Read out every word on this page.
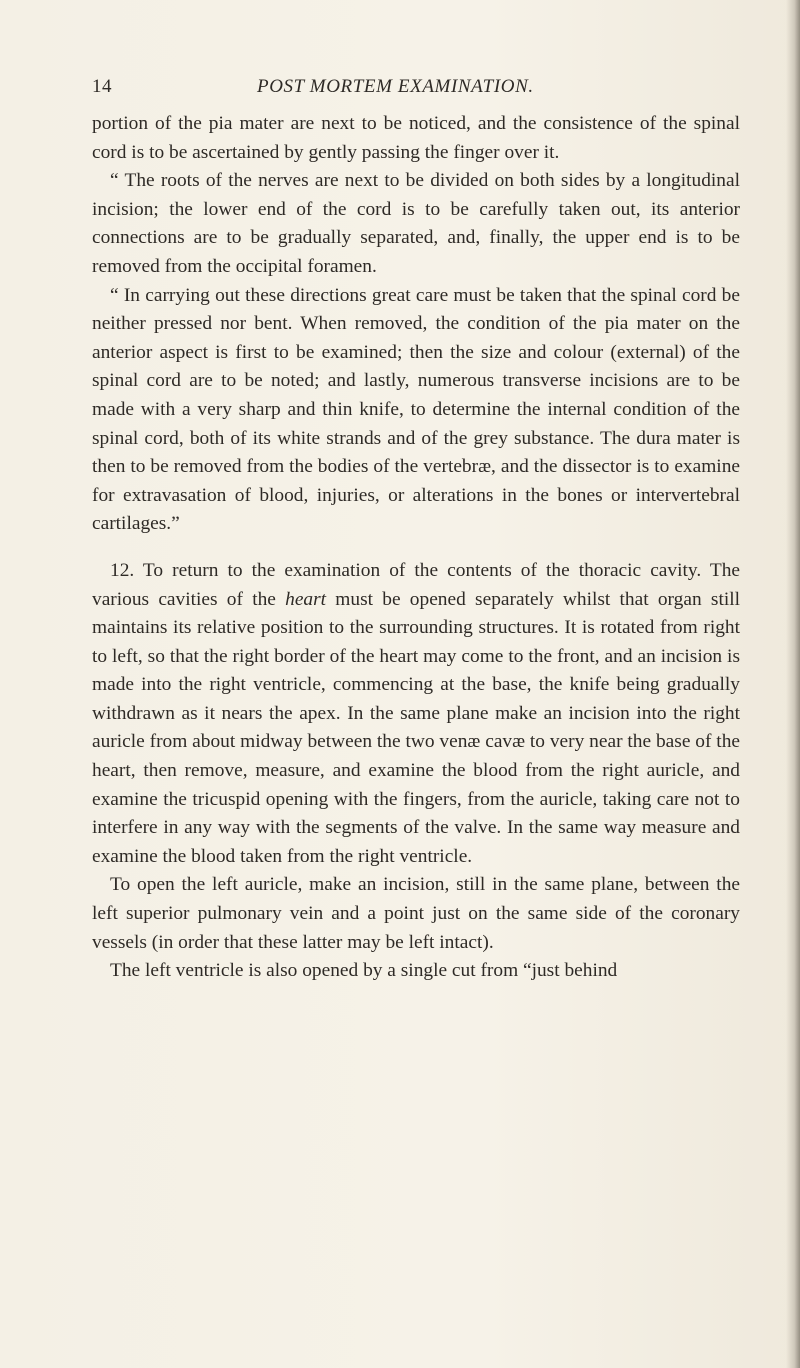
14	POST MORTEM EXAMINATION.

portion of the pia mater are next to be noticed, and the consistence of the spinal cord is to be ascertained by gently passing the finger over it.

“ The roots of the nerves are next to be divided on both sides by a longitudinal incision; the lower end of the cord is to be carefully taken out, its anterior connections are to be gradually separated, and, finally, the upper end is to be removed from the occipital foramen.

“ In carrying out these directions great care must be taken that the spinal cord be neither pressed nor bent. When removed, the condition of the pia mater on the anterior aspect is first to be examined; then the size and colour (external) of the spinal cord are to be noted; and lastly, numerous transverse incisions are to be made with a very sharp and thin knife, to determine the internal condition of the spinal cord, both of its white strands and of the grey substance. The dura mater is then to be removed from the bodies of the vertebræ, and the dissector is to examine for extravasation of blood, injuries, or alterations in the bones or intervertebral cartilages.”

12. To return to the examination of the contents of the thoracic cavity. The various cavities of the heart must be opened separately whilst that organ still maintains its relative position to the surrounding structures. It is rotated from right to left, so that the right border of the heart may come to the front, and an incision is made into the right ventricle, commencing at the base, the knife being gradually withdrawn as it nears the apex. In the same plane make an incision into the right auricle from about midway between the two venæ cavæ to very near the base of the heart, then remove, measure, and examine the blood from the right auricle, and examine the tricuspid opening with the fingers, from the auricle, taking care not to interfere in any way with the segments of the valve. In the same way measure and examine the blood taken from the right ventricle.

To open the left auricle, make an incision, still in the same plane, between the left superior pulmonary vein and a point just on the same side of the coronary vessels (in order that these latter may be left intact).

The left ventricle is also opened by a single cut from “just behind
